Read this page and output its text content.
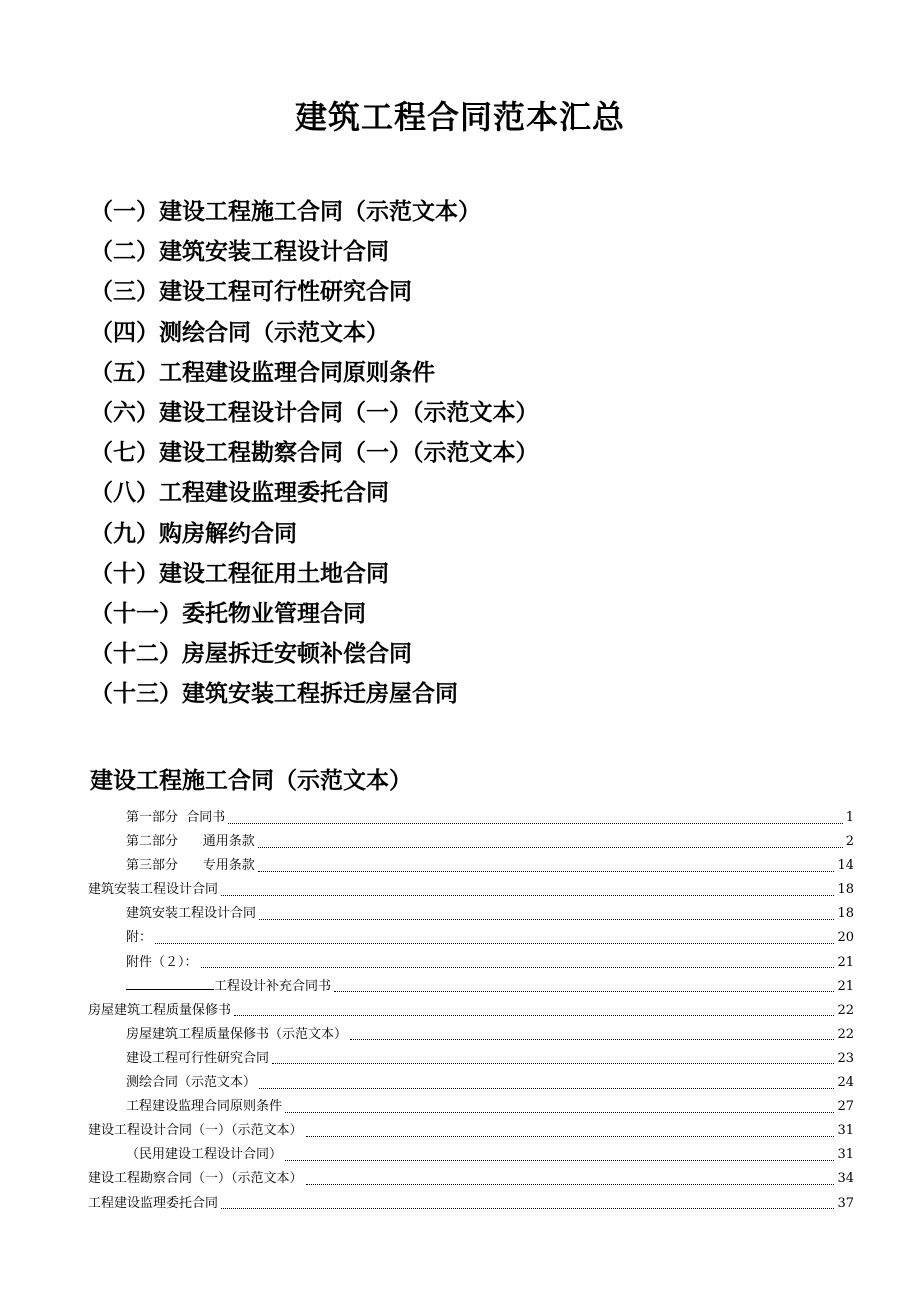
建筑工程合同范本汇总
（一）建设工程施工合同（示范文本）
（二）建筑安装工程设计合同
（三）建设工程可行性研究合同
（四）测绘合同（示范文本）
（五）工程建设监理合同原则条件
（六）建设工程设计合同（一）（示范文本）
（七）建设工程勘察合同（一）（示范文本）
（八）工程建设监理委托合同
（九）购房解约合同
（十）建设工程征用土地合同
（十一）委托物业管理合同
（十二）房屋拆迁安顿补偿合同
（十三）建筑安装工程拆迁房屋合同
建设工程施工合同（示范文本）
第一部分  合同书	1
第二部分      通用条款	2
第三部分      专用条款	14
建筑安装工程设计合同	18
建筑安装工程设计合同	18
附：	20
附件（２）：	21
工程设计补充合同书	21
房屋建筑工程质量保修书	22
房屋建筑工程质量保修书（示范文本）	22
建设工程可行性研究合同	23
测绘合同（示范文本）	24
工程建设监理合同原则条件	27
建设工程设计合同（一）（示范文本）	31
（民用建设工程设计合同）	31
建设工程勘察合同（一）（示范文本）	34
工程建设监理委托合同	37
